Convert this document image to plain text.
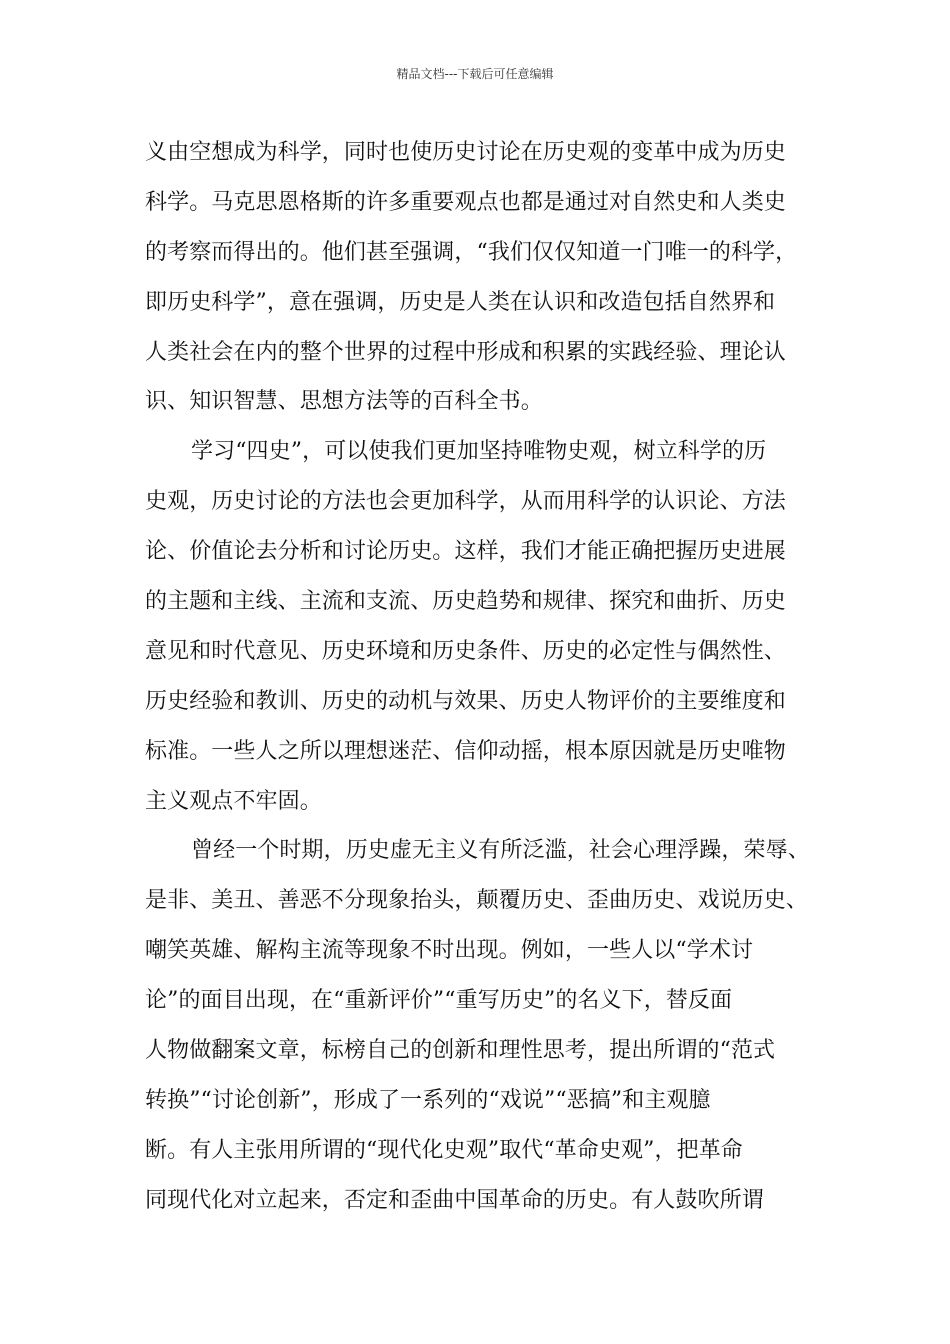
精品文档---下载后可任意编辑
义由空想成为科学，同时也使历史讨论在历史观的变革中成为历史
科学。马克思恩格斯的许多重要观点也都是通过对自然史和人类史
的考察而得出的。他们甚至强调，“我们仅仅知道一门唯一的科学，
即历史科学”，意在强调，历史是人类在认识和改造包括自然界和
人类社会在内的整个世界的过程中形成和积累的实践经验、理论认
识、知识智慧、思想方法等的百科全书。
学习“四史”，可以使我们更加坚持唯物史观，树立科学的历
史观，历史讨论的方法也会更加科学，从而用科学的认识论、方法
论、价值论去分析和讨论历史。这样，我们才能正确把握历史进展
的主题和主线、主流和支流、历史趋势和规律、探究和曲折、历史
意见和时代意见、历史环境和历史条件、历史的必定性与偶然性、
历史经验和教训、历史的动机与效果、历史人物评价的主要维度和
标准。一些人之所以理想迷茫、信仰动摇，根本原因就是历史唯物
主义观点不牢固。
曾经一个时期，历史虚无主义有所泛滥，社会心理浮躁，荣辱、
是非、美丑、善恶不分现象抬头，颠覆历史、歪曲历史、戏说历史、
嘲笑英雄、解构主流等现象不时出现。例如，一些人以“学术讨
论”的面目出现，在“重新评价”“重写历史”的名义下，替反面
人物做翻案文章，标榜自己的创新和理性思考，提出所谓的“范式
转换”“讨论创新”，形成了一系列的“戏说”“恶搞”和主观臆
断。有人主张用所谓的“现代化史观”取代“革命史观”，把革命
同现代化对立起来，否定和歪曲中国革命的历史。有人鼓吹所谓
